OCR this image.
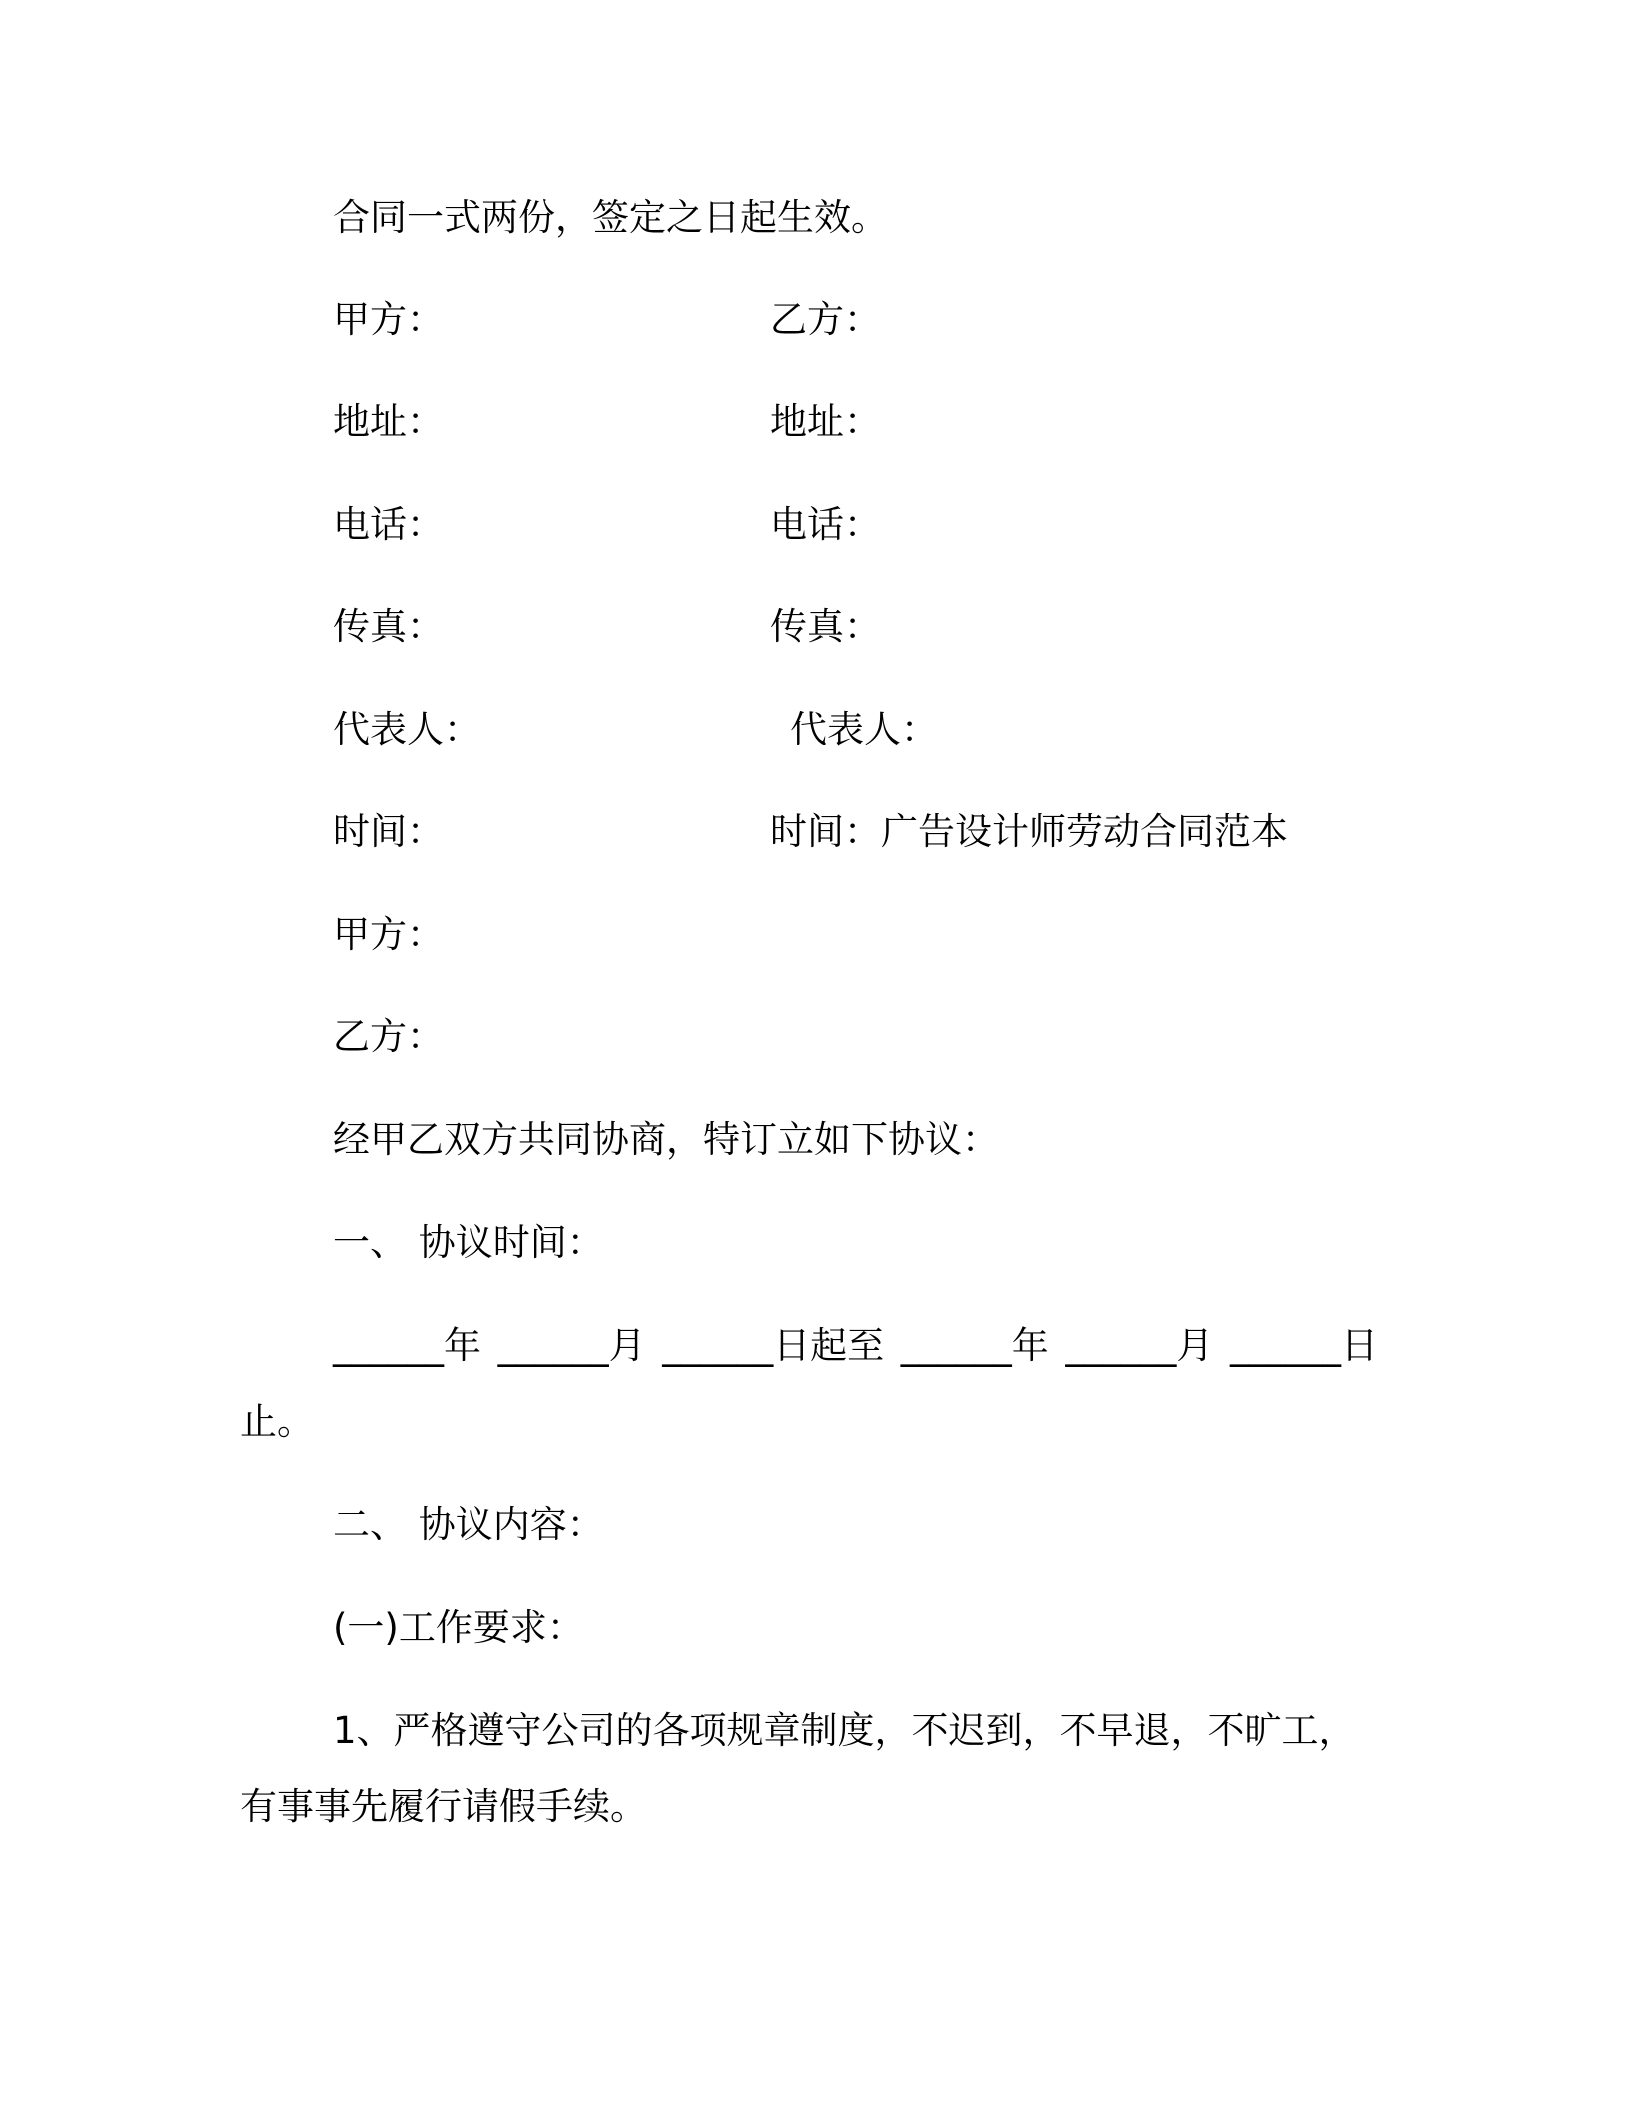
合同一式两份，签定之日起生效。
甲方：	乙方：
地址：	地址：
电话：	电话：
传真：	传真：
代表人：	代表人：
时间：	时间：广告设计师劳动合同范本
甲方：
乙方：
经甲乙双方共同协商，特订立如下协议：
一、 协议时间：
______年 ______月 ______日起至 ______年 ______月 ______日
止。
二、 协议内容：
(一)工作要求：
1、严格遵守公司的各项规章制度，不迟到，不早退，不旷工，
有事事先履行请假手续。
